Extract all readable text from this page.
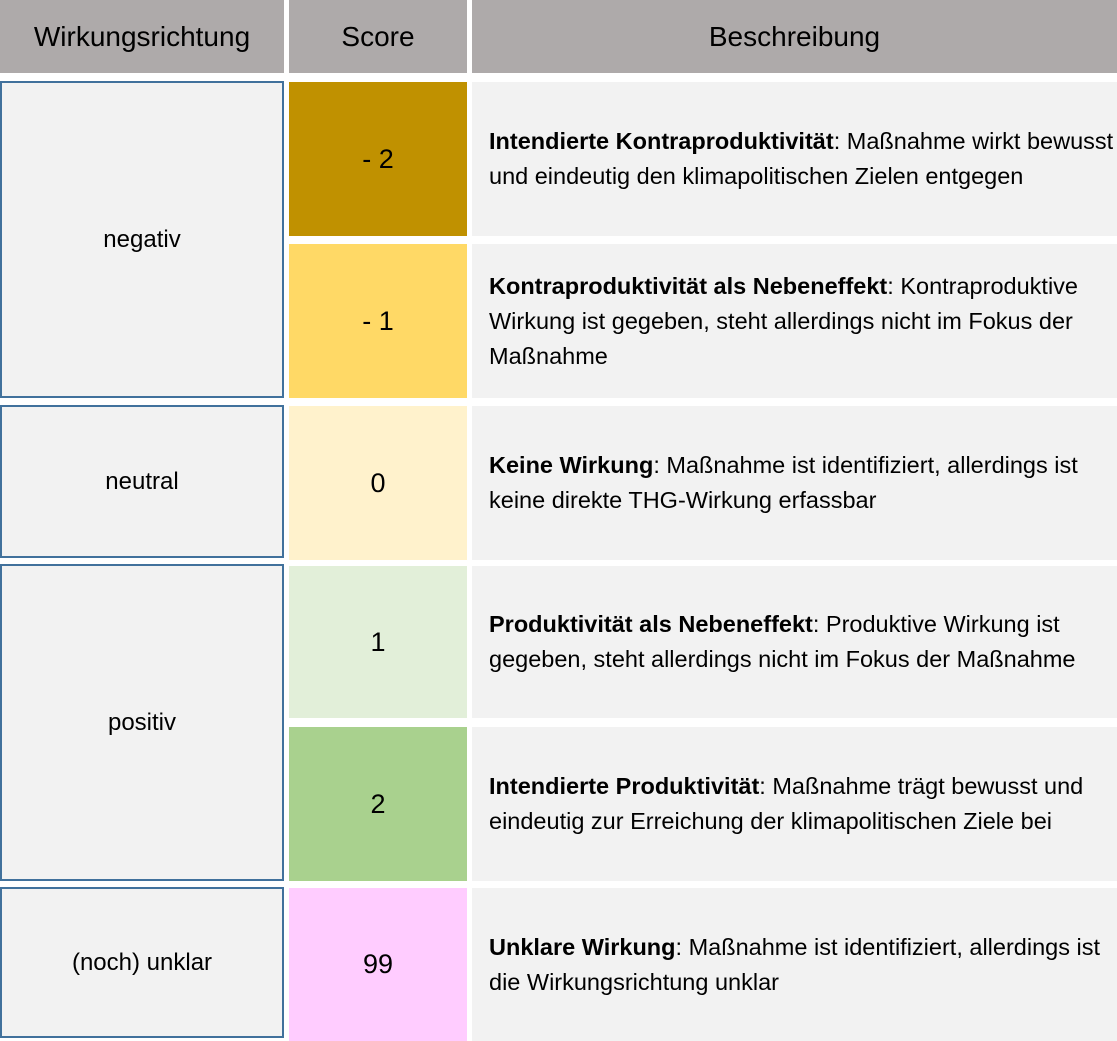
Wirkungsrichtung	Score	Beschreibung
negativ
neutral
positiv
(noch) unklar
- 2

Intendierte Kontraproduktivität: Maßnahme wirkt bewusst und eindeutig den klimapolitischen Zielen entgegen

- 1

Kontraproduktivität als Nebeneffekt: Kontraproduktive Wirkung ist gegeben, steht allerdings nicht im Fokus der Maßnahme

0

Keine Wirkung: Maßnahme ist identifiziert, allerdings ist keine direkte THG-Wirkung erfassbar

1

Produktivität als Nebeneffekt: Produktive Wirkung ist gegeben, steht allerdings nicht im Fokus der Maßnahme

2

Intendierte Produktivität: Maßnahme trägt bewusst und eindeutig zur Erreichung der klimapolitischen Ziele bei

99

Unklare Wirkung: Maßnahme ist identifiziert, allerdings ist die Wirkungsrichtung unklar
